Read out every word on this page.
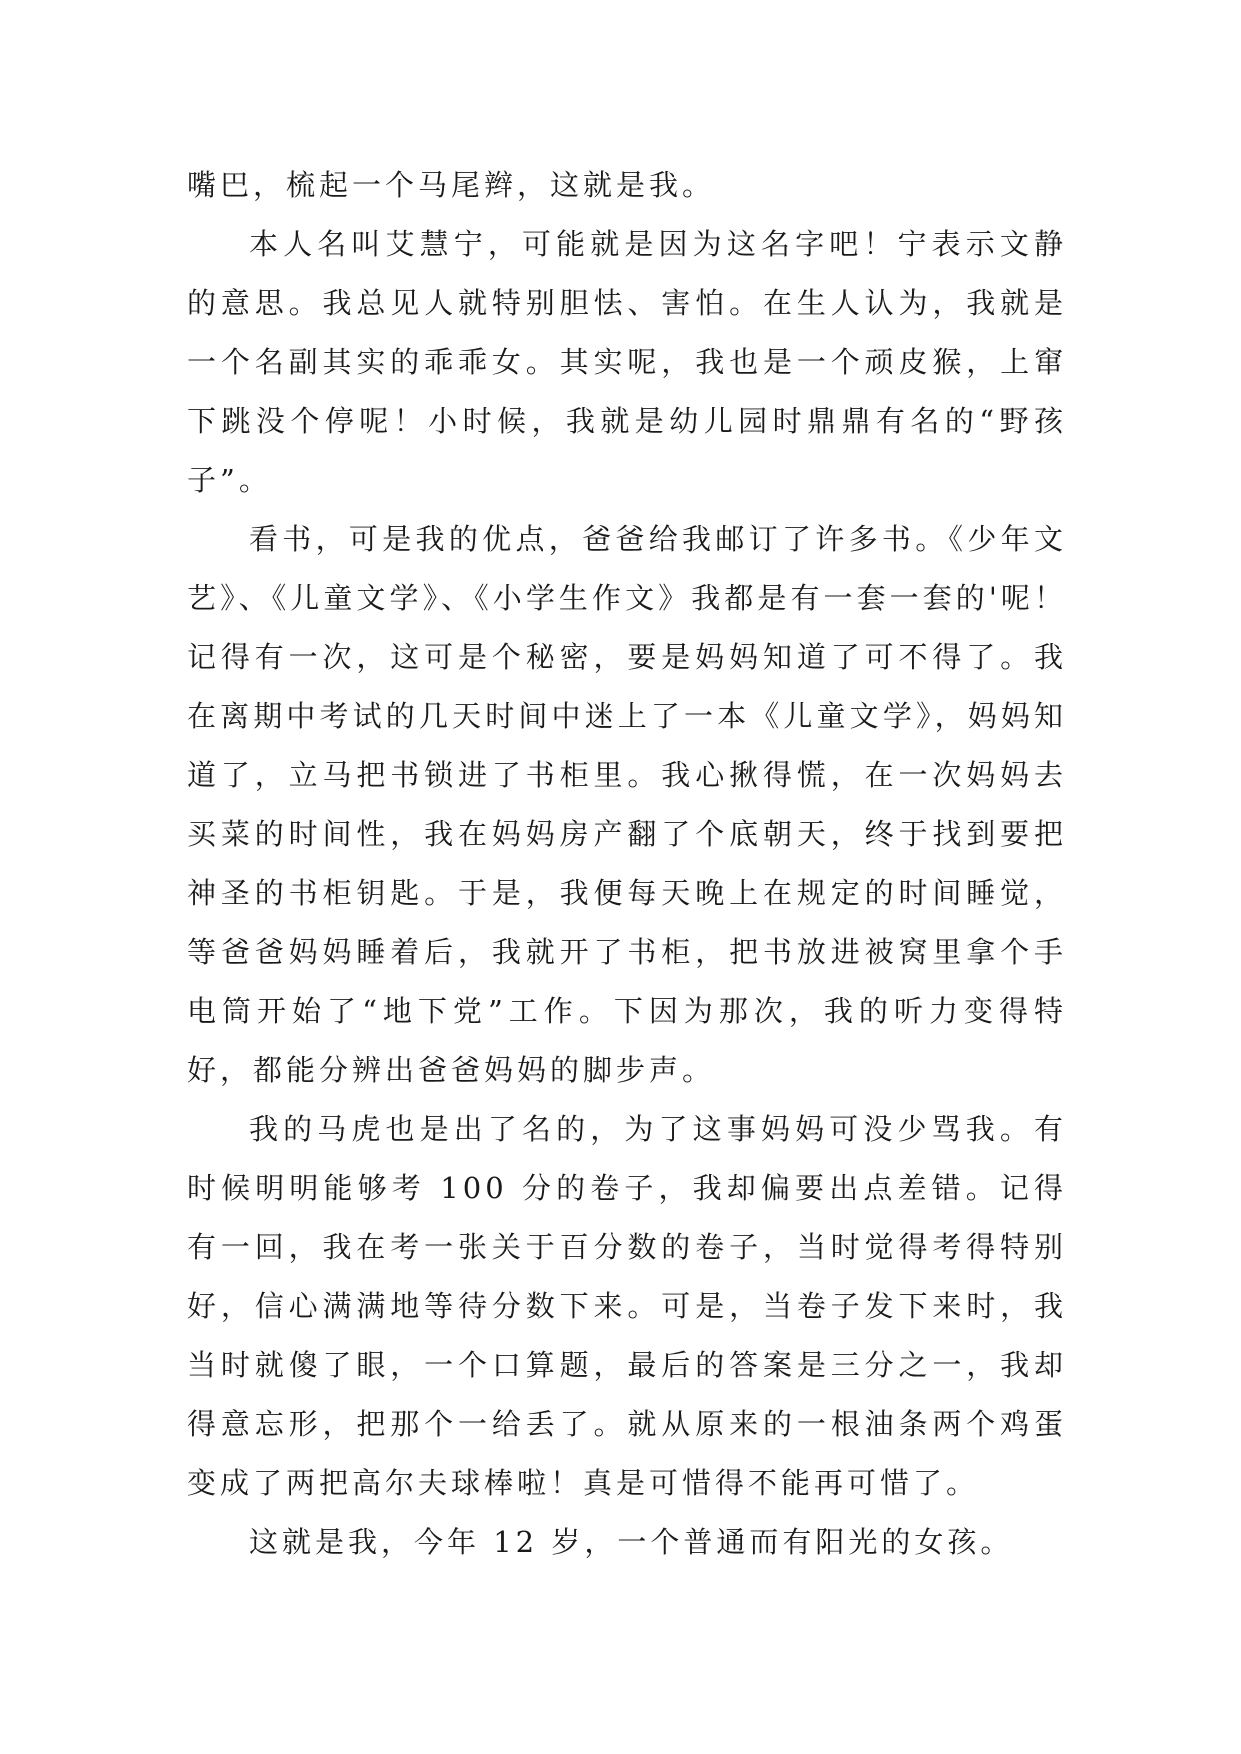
嘴巴，梳起一个马尾辫，这就是我。

本人名叫艾慧宁，可能就是因为这名字吧！宁表示文静的意思。我总见人就特别胆怯、害怕。在生人认为，我就是一个名副其实的乖乖女。其实呢，我也是一个顽皮猴，上窜下跳没个停呢！小时候，我就是幼儿园时鼎鼎有名的“野孩子”。

看书，可是我的优点，爸爸给我邮订了许多书。《少年文艺》、《儿童文学》、《小学生作文》我都是有一套一套的'呢！记得有一次，这可是个秘密，要是妈妈知道了可不得了。我在离期中考试的几天时间中迷上了一本《儿童文学》，妈妈知道了，立马把书锁进了书柜里。我心揪得慌，在一次妈妈去买菜的时间性，我在妈妈房产翻了个底朝天，终于找到要把神圣的书柜钥匙。于是，我便每天晚上在规定的时间睡觉，等爸爸妈妈睡着后，我就开了书柜，把书放进被窝里拿个手电筒开始了“地下党”工作。下因为那次，我的听力变得特好，都能分辨出爸爸妈妈的脚步声。

我的马虎也是出了名的，为了这事妈妈可没少骂我。有时候明明能够考 100 分的卷子，我却偏要出点差错。记得有一回，我在考一张关于百分数的卷子，当时觉得考得特别好，信心满满地等待分数下来。可是，当卷子发下来时，我当时就傻了眼，一个口算题，最后的答案是三分之一，我却得意忘形，把那个一给丢了。就从原来的一根油条两个鸡蛋变成了两把高尔夫球棒啦！真是可惜得不能再可惜了。

这就是我，今年 12 岁，一个普通而有阳光的女孩。
